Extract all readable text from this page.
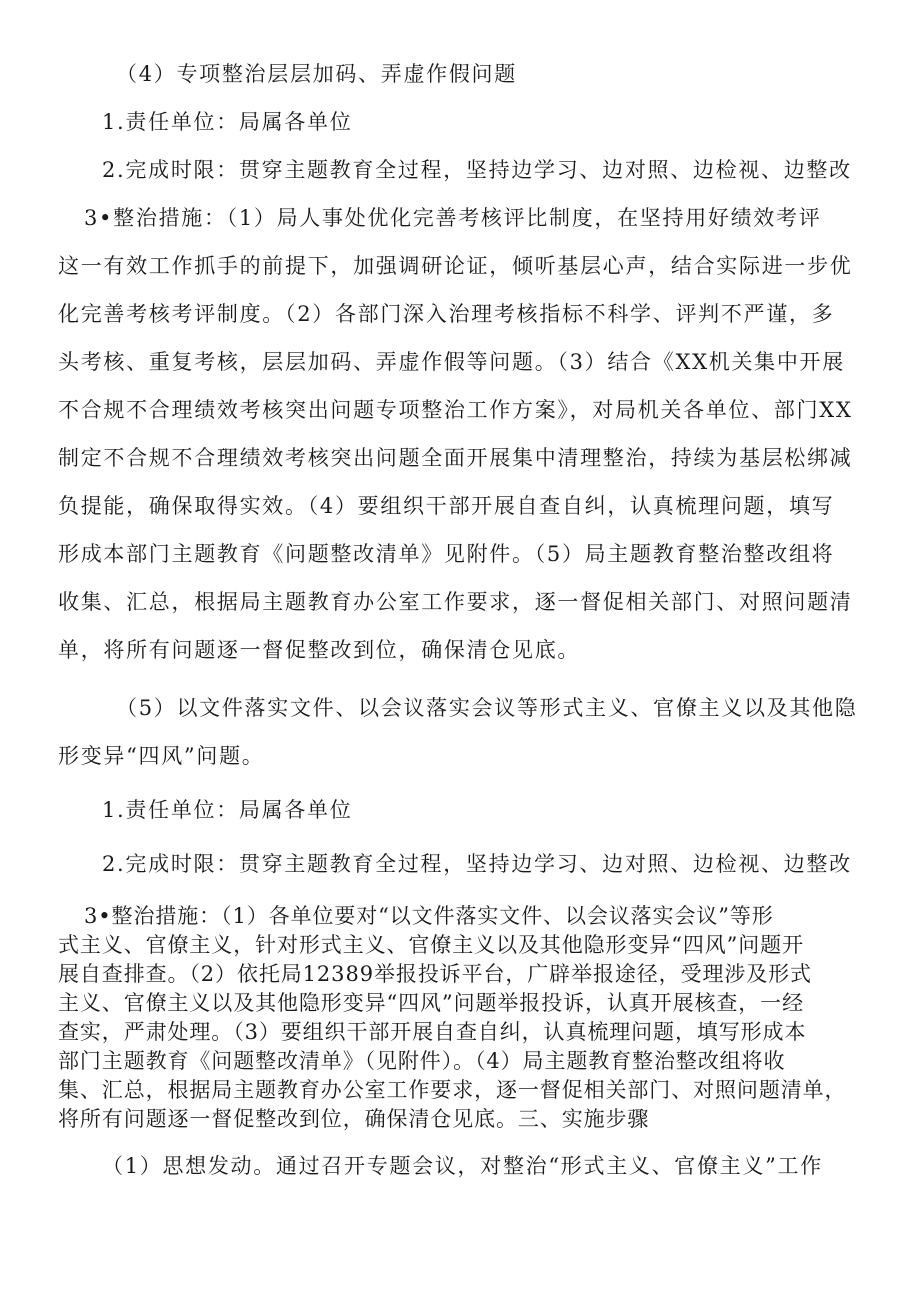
（4）专项整治层层加码、弄虚作假问题

1.责任单位：局属各单位

2.完成时限：贯穿主题教育全过程，坚持边学习、边对照、边检视、边整改

3•整治措施：（1）局人事处优化完善考核评比制度，在坚持用好绩效考评

这一有效工作抓手的前提下，加强调研论证，倾听基层心声，结合实际进一步优

化完善考核考评制度。（2）各部门深入治理考核指标不科学、评判不严谨，多

头考核、重复考核，层层加码、弄虚作假等问题。（3）结合《XX机关集中开展

不合规不合理绩效考核突出问题专项整治工作方案》，对局机关各单位、部门XX

制定不合规不合理绩效考核突出问题全面开展集中清理整治，持续为基层松绑减

负提能，确保取得实效。（4）要组织干部开展自查自纠，认真梳理问题，填写

形成本部门主题教育《问题整改清单》见附件。（5）局主题教育整治整改组将

收集、汇总，根据局主题教育办公室工作要求，逐一督促相关部门、对照问题清

单，将所有问题逐一督促整改到位，确保清仓见底。

（5）以文件落实文件、以会议落实会议等形式主义、官僚主义以及其他隐

形变异“四风”问题。

1.责任单位：局属各单位

2.完成时限：贯穿主题教育全过程，坚持边学习、边对照、边检视、边整改

3•整治措施：（1）各单位要对“以文件落实文件、以会议落实会议”等形

式主义、官僚主义，针对形式主义、官僚主义以及其他隐形变异“四风”问题开

展自查排查。（2）依托局12389举报投诉平台，广辟举报途径，受理涉及形式

主义、官僚主义以及其他隐形变异“四风”问题举报投诉，认真开展核查，一经

查实，严肃处理。（3）要组织干部开展自查自纠，认真梳理问题，填写形成本

部门主题教育《问题整改清单》（见附件）。（4）局主题教育整治整改组将收

集、汇总，根据局主题教育办公室工作要求，逐一督促相关部门、对照问题清单，

将所有问题逐一督促整改到位，确保清仓见底。三、实施步骤

（1）思想发动。通过召开专题会议，对整治“形式主义、官僚主义”工作
